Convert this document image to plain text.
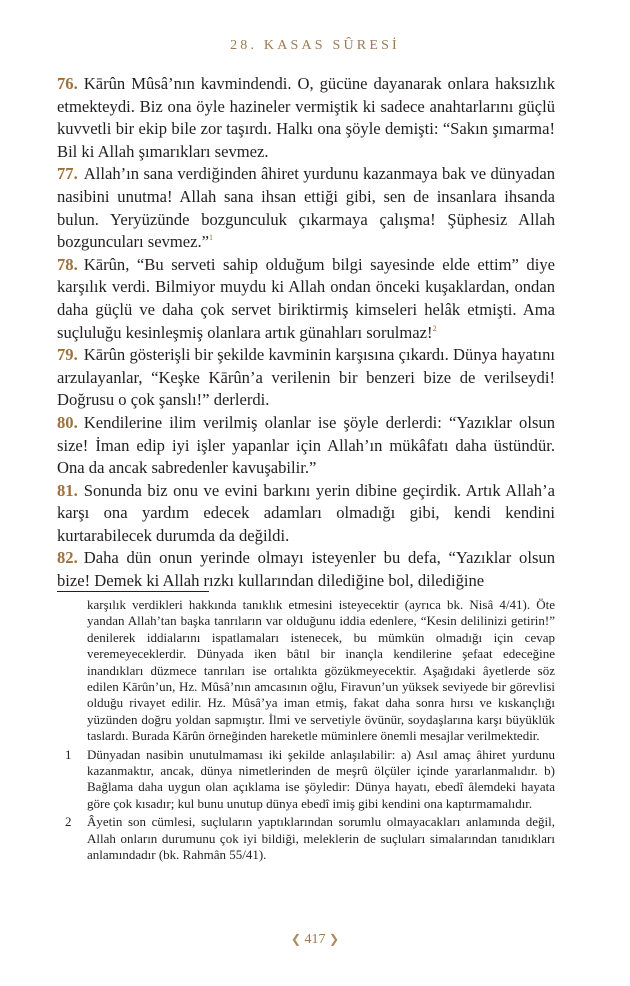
28. KASAS SÛRESİ

76. Kārûn Mûsâ’nın kavmindendi. O, gücüne dayanarak onlara haksızlık etmekteydi. Biz ona öyle hazineler vermiştik ki sadece anahtarlarını güçlü kuvvetli bir ekip bile zor taşırdı. Halkı ona şöyle demişti: “Sakın şımarma! Bil ki Allah şımarıkları sevmez.

77. Allah’ın sana verdiğinden âhiret yurdunu kazanmaya bak ve dünyadan nasibini unutma! Allah sana ihsan ettiği gibi, sen de insanlara ihsanda bulun. Yeryüzünde bozgunculuk çıkarmaya çalışma! Şüphesiz Allah bozguncuları sevmez.”$^1$

78. Kārûn, “Bu serveti sahip olduğum bilgi sayesinde elde ettim” diye karşılık verdi. Bilmiyor muydu ki Allah ondan önceki kuşaklardan, ondan daha güçlü ve daha çok servet biriktirmiş kimseleri helâk etmişti. Ama suçluluğu kesinleşmiş olanlara artık günahları sorulmaz!$^2$

79. Kārûn gösterişli bir şekilde kavminin karşısına çıkardı. Dünya hayatını arzulayanlar, “Keşke Kārûn’a verilenin bir benzeri bize de verilseydi! Doğrusu o çok şanslı!” derlerdi.

80. Kendilerine ilim verilmiş olanlar ise şöyle derlerdi: “Yazıklar olsun size! İman edip iyi işler yapanlar için Allah’ın mükâfatı daha üstündür. Ona da ancak sabredenler kavuşabilir.”

81. Sonunda biz onu ve evini barkını yerin dibine geçirdik. Artık Allah’a karşı ona yardım edecek adamları olmadığı gibi, kendi kendini kurtarabilecek durumda da değildi.

82. Daha dün onun yerinde olmayı isteyenler bu defa, “Yazıklar olsun bize! Demek ki Allah rızkı kullarından dilediğine bol, dilediğine

karşılık verdikleri hakkında tanıklık etmesini isteyecektir (ayrıca bk. Nisâ 4/41). Öte yandan Allah’tan başka tanrıların var olduğunu iddia edenlere, “Kesin delilinizi getirin!” denilerek iddialarını ispatlamaları istenecek, bu mümkün olmadığı için cevap veremeyeceklerdir. Dünyada iken bâtıl bir inançla kendilerine şefaat edeceğine inandıkları düzmece tanrıları ise ortalıkta gözükmeyecektir. Aşağıdaki âyetlerde söz edilen Kārûn’un, Hz. Mûsâ’nın amcasının oğlu, Firavun’un yüksek seviyede bir görevlisi olduğu rivayet edilir. Hz. Mûsâ’ya iman etmiş, fakat daha sonra hırsı ve kıskançlığı yüzünden doğru yoldan sapmıştır. İlmi ve servetiyle övünür, soydaşlarına karşı büyüklük taslardı. Burada Kārûn örneğinden hareketle müminlere önemli mesajlar verilmektedir.

1	Dünyadan nasibin unutulmaması iki şekilde anlaşılabilir: a) Asıl amaç âhiret yurdunu kazanmaktır, ancak, dünya nimetlerinden de meşrû ölçüler içinde yararlanmalıdır. b) Bağlama daha uygun olan açıklama ise şöyledir: Dünya hayatı, ebedî âlemdeki hayata göre çok kısadır; kul bunu unutup dünya ebedî imiş gibi kendini ona kaptırmamalıdır.
2	Âyetin son cümlesi, suçluların yaptıklarından sorumlu olmayacakları anlamında değil, Allah onların durumunu çok iyi bildiği, meleklerin de suçluları simalarından tanıdıkları anlamındadır (bk. Rahmân 55/41).
❮ 417 ❯
